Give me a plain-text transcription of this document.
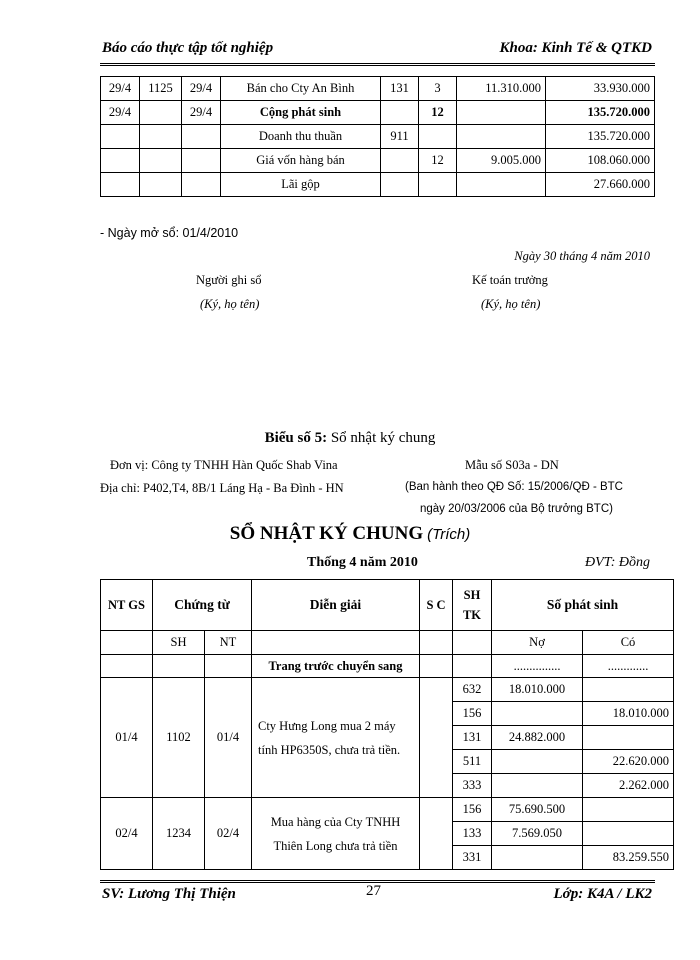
Báo cáo thực tập tốt nghiệp	Khoa: Kinh Tế & QTKD
29/4	1125	29/4	Bán cho Cty An Bình	131	3	11.310.000	33.930.000
29/4		29/4	Cộng phát sinh		12		135.720.000
			Doanh thu thuần	911			135.720.000
			Giá vốn hàng bán		12	9.005.000	108.060.000
			Lãi gộp				27.660.000
- Ngày mở sổ: 01/4/2010
Ngày 30 tháng 4 năm 2010
Người ghi sổ
(Ký, họ tên)
Kế toán trưởng
(Ký, họ tên)
Biểu số 5: Sổ nhật ký chung
Đơn vị: Công ty TNHH Hàn Quốc Shab Vina
Địa chỉ: P402,T4, 8B/1 Láng Hạ - Ba Đình - HN
Mẫu số S03a - DN
(Ban hành theo QĐ Số: 15/2006/QĐ - BTC
ngày 20/03/2006 của Bộ trưởng BTC)
SỔ NHẬT KÝ CHUNG (Trích)
Thống 4 năm 2010	ĐVT: Đồng
NT GS	Chứng từ		Diễn giải	S C	SH TK	Số phát sinh	
	SH	NT				Nợ	Có
			Trang trước chuyển sang			...............	.............
01/4	1102	01/4	Cty Hưng Long mua 2 máy tính HP6350S, chưa trả tiền.		632	18.010.000	
					156		18.010.000
					131	24.882.000	
					511		22.620.000
					333		2.262.000
02/4	1234	02/4	Mua hàng của Cty TNHH Thiên Long chưa trả tiền		156	75.690.500	
					133	7.569.050	
					331		83.259.550
SV: Lương Thị Thiện	27	Lớp: K4A / LK2
